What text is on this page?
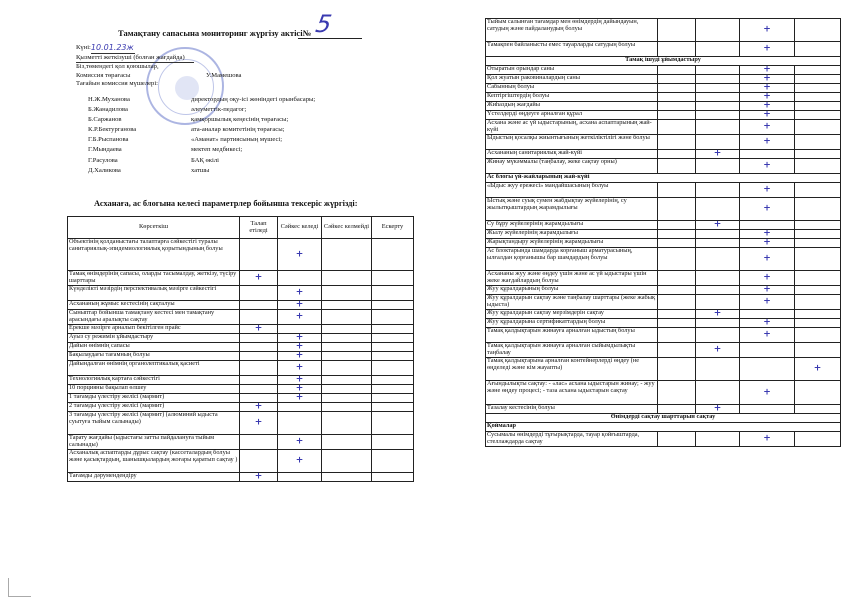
Тамақтану сапасына мониторинг жүргізу актісі№ 5
Күні: 10.01.23ж
Қызметті жеткізуші (болған жағдайда)
Бiз,төмендегі қол қоюшылар,
Комиссия төрағасы	У.Мамешова
Тағайын комиссия мүшелері:
Н.Ж.Муханова	директордың оқу-ісі жөніндегі орынбасары;
Б.Жанадилова	әлеуметтік-педагог;
Б.Саржанов	қамқоршылық кеңесінің төрағасы;
К.Р.Бектурганова	ата-аналар комитетінің төрағасы;
Г.Б.Рыспанова	«Аманат» партиясының мүшесі;
Г.Мындаева	мектеп медбикесі;
Г.Расулова	БАҚ өкілі
Д.Халикова	хатшы
Асханаға, ас блогына келесі параметрлер бойынша тексеріс жүргізді:
Көрсеткіш	Талап етіледі	Сәйкес келеді	Сәйкес келмейді	Ескерту
Объектінің қолданыстағы талаптарға сәйкестігі туралы санитариялық-эпидемиологиялық қорытындының болуы		+		

Тамақ өнімдерінің сапасы, оларды тасымалдау, жеткізу, түсіру шарттары	+			

Күнделікті мәзірдің перспективалық мәзірге сәйкестігі		+		

Асхананың жұмыс кестесінің сақталуы		+		

Сыныптар бойынша тамақтану кестесі мен тамақтану арасындағы аралықты сақтау		+		

Ерекше мәзірге арналып бекітілген прайс	+			

Ауыз су режимін ұйымдастыру		+		

Дайын өнімнің сапасы		+		

Бақылаудағы тағамның болуы		+		

Дайындалған өнімнің органолептикалық қасиеті		+		

Технологиялық картаға сәйкестігі		+		

10 порцияны бақылап өлшеу		+		

1 тағамды үлестіру желісі (мармит)		+		

2 тағамды үлестіру желісі (мармит)	+			

3 тағамды үлестіру желісі (мармит) (алюминий ыдыста суытуға тыйым салынады)	+			

Тарату жағдайы (ыдыстағы затты пайдалануға тыйым салынады)		+		

Асханалық аспаптарды дұрыс сақтау (кассеталардың болуы және қасықтардың, шанышқылардың жоғары қаратып сақтау )		+		

Тағамды дәрумендендіру	+			

Тыйым салынған тағамдар мен өнімдердің дайындауын, сатудың және пайдаланудың болуы			+	

Тамақпен байланысты емес тауарларды сатудың болуы			+	

Тамақ ішуді ұйымдастыру				
Отыратын орындар саны			+	

Қол жуатын раковиналардың саны			+	

Сабынның болуы			+	

Кептіргіштердің болуы			+	

Жиhаздың жағдайы			+	

Үстелдерді өңдеуге арналған құрал			+	

Асхана және ас үй ыдыстарының, асхана аспаптарының жай-күйі			+	

Ыдыстың қосалқы жиынтығының жеткіліктілігі және болуы			+	

Асхананың санитариялық жай-күйі		+		

Жинау мүкәммалы (таңбалау, жеке сақтау орны)			+	

Ас блогы үй-жайларының жай-күйі				
«Ыдыс жуу ережесі» мандайшасының болуы			+	

Ыстық және суық сумен жабдықтау жүйелерінің, су жылытқыштардың жарамдылығы			+	

Су бұру жүйелерінің жарамдылығы		+		

Жылу жүйелерінің жарамдылығы			+	

Жарықтандыру жүйелерінің жарамдылығы			+	

Ас блоктарында шамдарда корғаныш арматурасының, ылғалдан қорғанышы бар шамдардың болуы			+	

Асхананы жуу және өңдеу үшін және ас үй ыдыстары үшін жеке жағдайлардың болуы			+	

Жуу құралдарының болуы			+	

Жуу құралдарын сақтау және таңбалау шарттары (жеке жабық ыдыста)			+	

Жуу құралдарын сақтау мерзімдерін сақтау		+		

Жуу құралдарына сертификаттардың болуы			+	

Тамақ қалдықтарын жинауға арналған ыдыстың болуы			+	

Тамақ қалдықтарын жинауға арналған сыйымдылықты таңбалау		+		

Тамақ қалдықтарына арналған контейнерлерді өңдеу (не өңделеді және кім жауапты)				+

Ағындылықты сақтау: - «лас» асхана ыдыстарын жинау; - жуу және өңдеу процесі; - таза асхана ыдыстарын сақтау			+	

Тазалау кестесінің болуы		+		

Өнімдерді сақтау шарттарын сақтау				
Қоймалар				
Сусымалы өнімдерді тұғырықтарда, тауар қойғыштарда, стеллаждарда сақтау			+	
